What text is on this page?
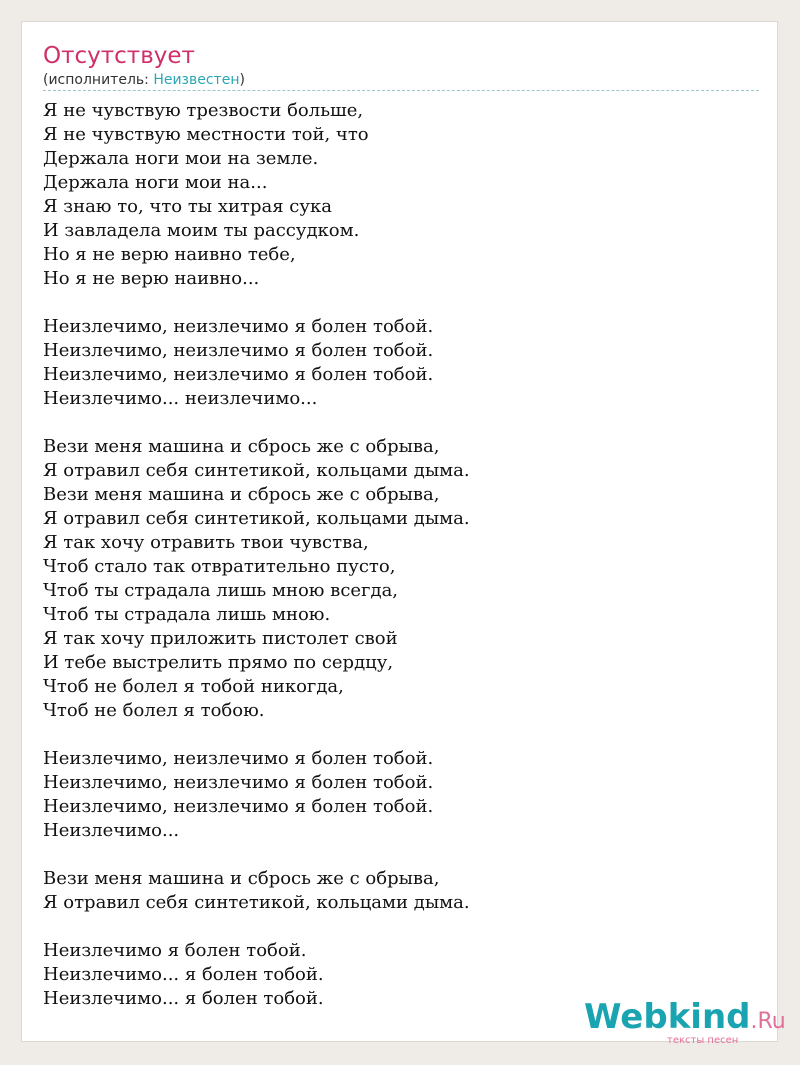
Отсутствует
(исполнитель: Неизвестен)
Я не чувствую трезвости больше,
Я не чувствую местности той, что
Держала ноги мои на земле.
Держала ноги мои на...
Я знаю то, что ты хитрая сука
И завладела моим ты рассудком.
Но я не верю наивно тебе,
Но я не верю наивно...
Неизлечимо, неизлечимо я болен тобой.
Неизлечимо, неизлечимо я болен тобой.
Неизлечимо, неизлечимо я болен тобой.
Неизлечимо... неизлечимо...
Вези меня машина и сбрось же с обрыва,
Я отравил себя синтетикой, кольцами дыма.
Вези меня машина и сбрось же с обрыва,
Я отравил себя синтетикой, кольцами дыма.
Я так хочу отравить твои чувства,
Чтоб стало так отвратительно пусто,
Чтоб ты страдала лишь мною всегда,
Чтоб ты страдала лишь мною.
Я так хочу приложить пистолет свой
И тебе выстрелить прямо по сердцу,
Чтоб не болел я тобой никогда,
Чтоб не болел я тобою.
Неизлечимо, неизлечимо я болен тобой.
Неизлечимо, неизлечимо я болен тобой.
Неизлечимо, неизлечимо я болен тобой.
Неизлечимо...
Вези меня машина и сбрось же с обрыва,
Я отравил себя синтетикой, кольцами дыма.
Неизлечимо я болен тобой.
Неизлечимо... я болен тобой.
Неизлечимо... я болен тобой.	Webkind.Ru
тексты песен
